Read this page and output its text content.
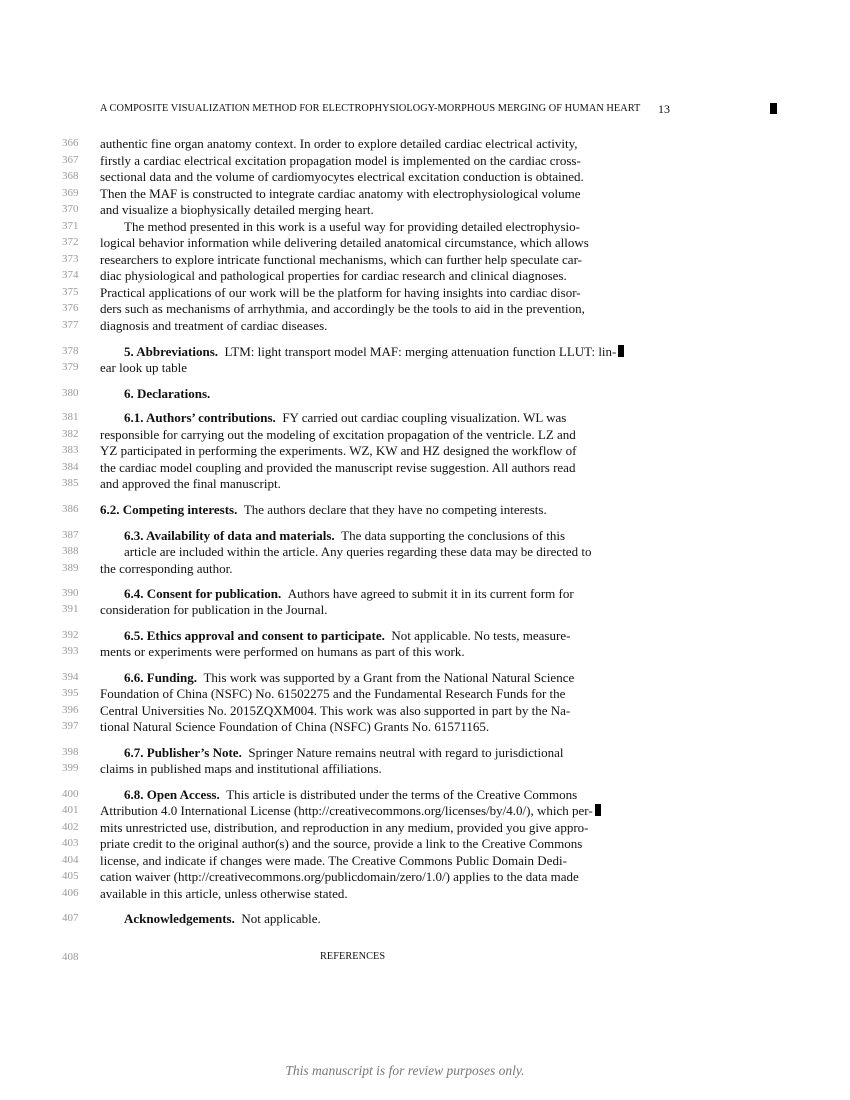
A COMPOSITE VISUALIZATION METHOD FOR ELECTROPHYSIOLOGY-MORPHOUS MERGING OF HUMAN HEART 13
366	authentic fine organ anatomy context. In order to explore detailed cardiac electrical activity,
367	firstly a cardiac electrical excitation propagation model is implemented on the cardiac cross-
368	sectional data and the volume of cardiomyocytes electrical excitation conduction is obtained.
369	Then the MAF is constructed to integrate cardiac anatomy with electrophysiological volume
370	and visualize a biophysically detailed merging heart.
371	The method presented in this work is a useful way for providing detailed electrophysio-
372	logical behavior information while delivering detailed anatomical circumstance, which allows
373	researchers to explore intricate functional mechanisms, which can further help speculate car-
374	diac physiological and pathological properties for cardiac research and clinical diagnoses.
375	Practical applications of our work will be the platform for having insights into cardiac disor-
376	ders such as mechanisms of arrhythmia, and accordingly be the tools to aid in the prevention,
377	diagnosis and treatment of cardiac diseases.
378	5. Abbreviations.  LTM: light transport model MAF: merging attenuation function LLUT: lin-
379	ear look up table
380	6. Declarations. 
381	6.1. Authors’ contributions.  FY carried out cardiac coupling visualization. WL was
382	responsible for carrying out the modeling of excitation propagation of the ventricle. LZ and
383	YZ participated in performing the experiments. WZ, KW and HZ designed the workflow of
384	the cardiac model coupling and provided the manuscript revise suggestion. All authors read
385	and approved the final manuscript.
386	6.2. Competing interests.  The authors declare that they have no competing interests.
387	6.3. Availability of data and materials.  The data supporting the conclusions of this
388	article are included within the article. Any queries regarding these data may be directed to
389	the corresponding author.
390	6.4. Consent for publication.  Authors have agreed to submit it in its current form for
391	consideration for publication in the Journal.
392	6.5. Ethics approval and consent to participate.  Not applicable. No tests, measure-
393	ments or experiments were performed on humans as part of this work.
394	6.6. Funding.  This work was supported by a Grant from the National Natural Science
395	Foundation of China (NSFC) No. 61502275 and the Fundamental Research Funds for the
396	Central Universities No. 2015ZQXM004. This work was also supported in part by the Na-
397	tional Natural Science Foundation of China (NSFC) Grants No. 61571165.
398	6.7. Publisher’s Note.  Springer Nature remains neutral with regard to jurisdictional
399	claims in published maps and institutional affiliations.
400	6.8. Open Access.  This article is distributed under the terms of the Creative Commons
401	Attribution 4.0 International License (http://creativecommons.org/licenses/by/4.0/), which per-
402	mits unrestricted use, distribution, and reproduction in any medium, provided you give appro-
403	priate credit to the original author(s) and the source, provide a link to the Creative Commons
404	license, and indicate if changes were made. The Creative Commons Public Domain Dedi-
405	cation waiver (http://creativecommons.org/publicdomain/zero/1.0/) applies to the data made
406	available in this article, unless otherwise stated.
407	Acknowledgements.  Not applicable.
408	REFERENCES
This manuscript is for review purposes only.
